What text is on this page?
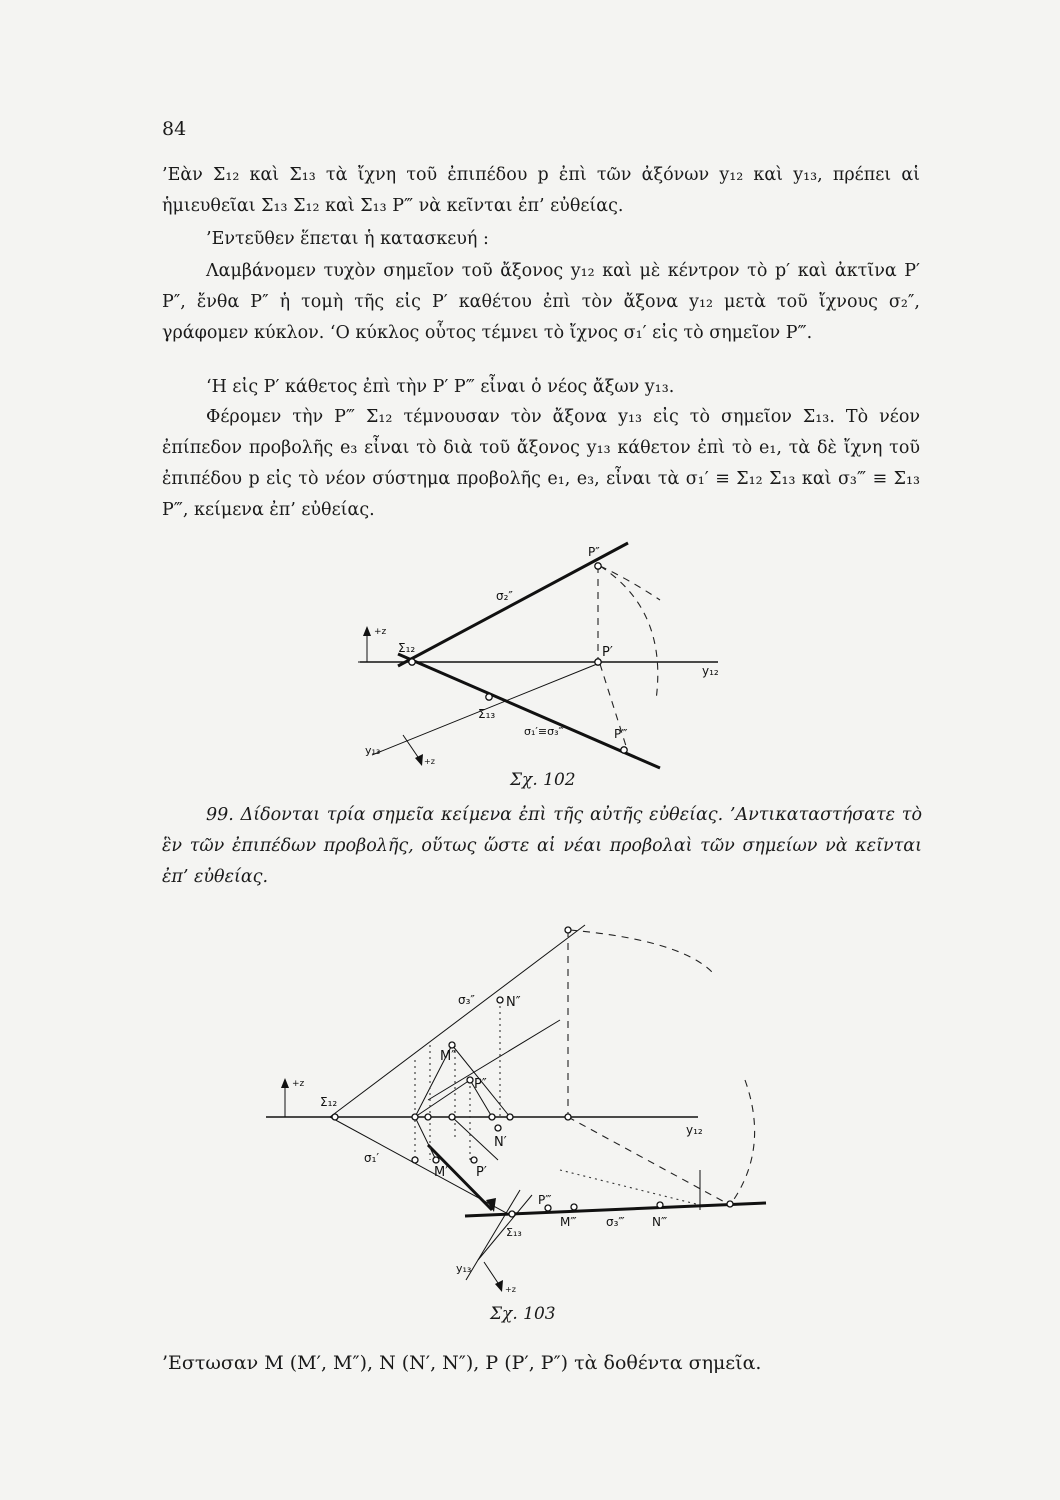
84

’Εὰν Σ₁₂ καὶ Σ₁₃ τὰ ἴχνη τοῦ ἐπιπέδου p ἐπὶ τῶν ἀξόνων y₁₂ καὶ y₁₃, πρέπει αἱ ἡμιευθεῖαι Σ₁₃ Σ₁₂ καὶ Σ₁₃ P‴ νὰ κεῖνται ἐπ’ εὐθείας.

’Εντεῦθεν ἕπεται ἡ κατασκευή :

Λαμβάνομεν τυχὸν σημεῖον τοῦ ἄξονος y₁₂ καὶ μὲ κέντρον τὸ p′ καὶ ἀκτῖνα P′ P″, ἔνθα P″ ἡ τομὴ τῆς εἰς P′ καθέτου ἐπὶ τὸν ἄξονα y₁₂ μετὰ τοῦ ἴχνους σ₂″, γράφομεν κύκλον. ‘Ο κύκλος οὗτος τέμνει τὸ ἴχνος σ₁′ εἰς τὸ σημεῖον P‴.

‘Η εἰς P′ κάθετος ἐπὶ τὴν P′ P‴ εἶναι ὁ νέος ἄξων y₁₃.

Φέρομεν τὴν P‴ Σ₁₂ τέμνουσαν τὸν ἄξονα y₁₃ εἰς τὸ σημεῖον Σ₁₃. Τὸ νέον ἐπίπεδον προβολῆς e₃ εἶναι τὸ διὰ τοῦ ἄξονος y₁₃ κάθετον ἐπὶ τὸ e₁, τὰ δὲ ἴχνη τοῦ ἐπιπέδου p εἰς τὸ νέον σύστημα προβολῆς e₁, e₃, εἶναι τὰ σ₁′ ≡ Σ₁₂ Σ₁₃ καὶ σ₃‴ ≡ Σ₁₃ P‴, κείμενα ἐπ’ εὐθείας.

+z
Σ₁₂
y₁₂
P″
σ₂″
P′
Σ₁₃
σ₁′≡σ₃‴	P‴
y₁₃
+z
Σχ. 102

99. Δίδονται τρία σημεῖα κείμενα ἐπὶ τῆς αὐτῆς εὐθείας. ’Αντικαταστήσατε τὸ ἓν τῶν ἐπιπέδων προβολῆς, οὕτως ὥστε αἱ νέαι προβολαὶ τῶν σημείων νὰ κεῖνται ἐπ’ εὐθείας.

+z
Σ₁₂
y₁₂
σ₃″ N″
M″
P″
N′
σ₁′
M′ P′
P‴
M‴ σ₃‴ N‴
Σ₁₃
y₁₃
+z
Σχ. 103

’Εστωσαν M (M′, M″), N (N′, N″), P (P′, P″) τὰ δοθέντα σημεῖα.
